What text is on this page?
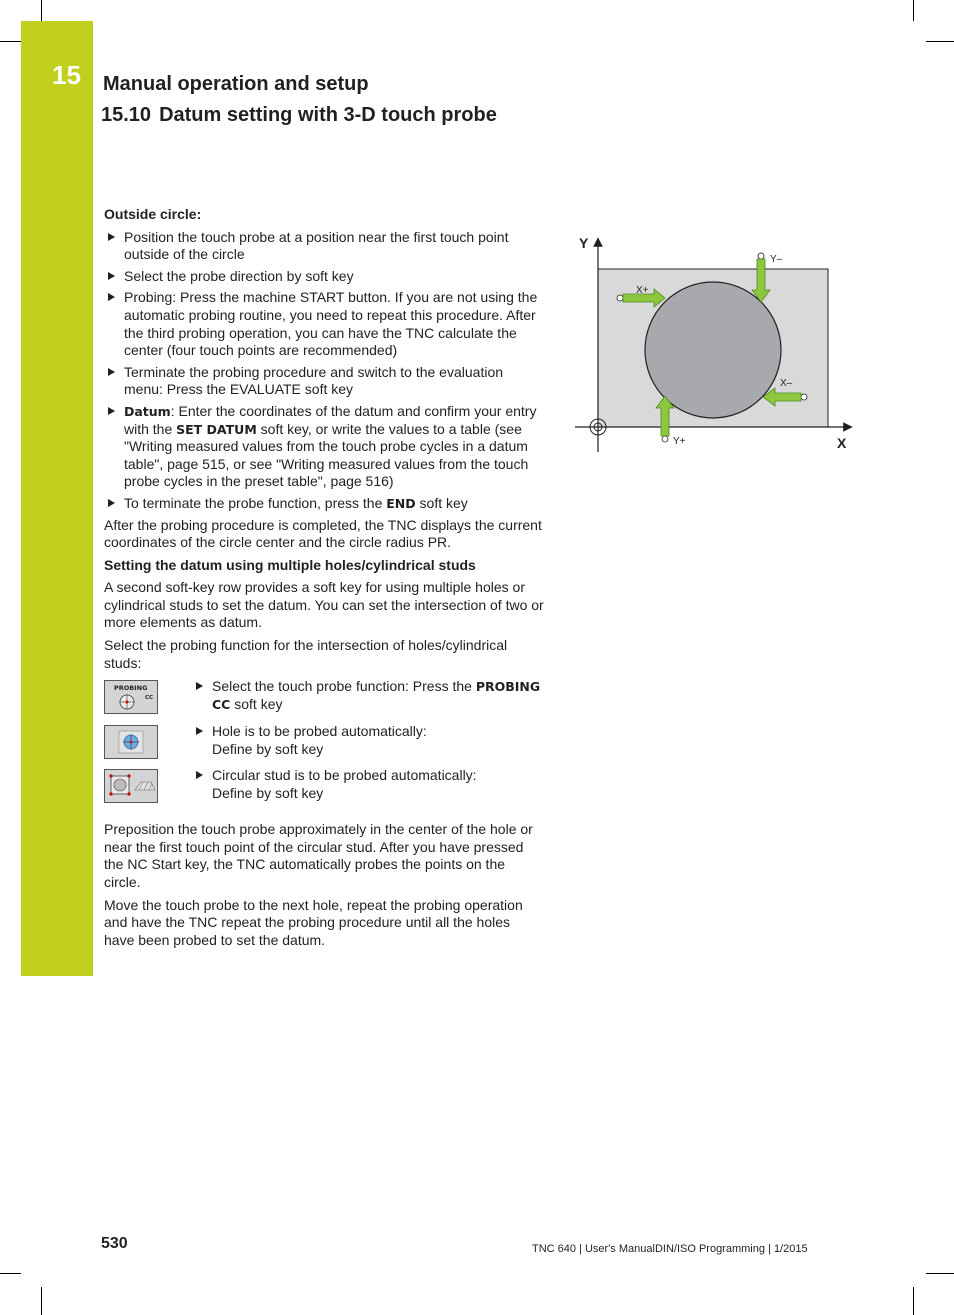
15 Manual operation and setup
15.10 Datum setting with 3-D touch probe

Outside circle:

Position the touch probe at a position near the first touch point outside of the circle
Select the probe direction by soft key
Probing: Press the machine START button. If you are not using the automatic probing routine, you need to repeat this procedure. After the third probing operation, you can have the TNC calculate the center (four touch points are recommended)
Terminate the probing procedure and switch to the evaluation menu: Press the EVALUATE soft key
Datum: Enter the coordinates of the datum and confirm your entry with the SET DATUM soft key, or write the values to a table (see "Writing measured values from the touch probe cycles in a datum table", page 515, or see "Writing measured values from the touch probe cycles in the preset table", page 516)
To terminate the probe function, press the END soft key

After the probing procedure is completed, the TNC displays the current coordinates of the circle center and the circle radius PR.

Setting the datum using multiple holes/cylindrical studs

A second soft-key row provides a soft key for using multiple holes or cylindrical studs to set the datum. You can set the intersection of two or more elements as datum.

Select the probing function for the intersection of holes/cylindrical studs:

PROBING
CC
Select the touch probe function: Press the PROBING CC soft key
Hole is to be probed automatically:
Define by soft key
Circular stud is to be probed automatically:
Define by soft key

Preposition the touch probe approximately in the center of the hole or near the first touch point of the circular stud. After you have pressed the NC Start key, the TNC automatically probes the points on the circle.

Move the touch probe to the next hole, repeat the probing operation and have the TNC repeat the probing procedure until all the holes have been probed to set the datum.

Y
X
X+
Y–
X–
Y+
530	TNC 640 | User's ManualDIN/ISO Programming | 1/2015
